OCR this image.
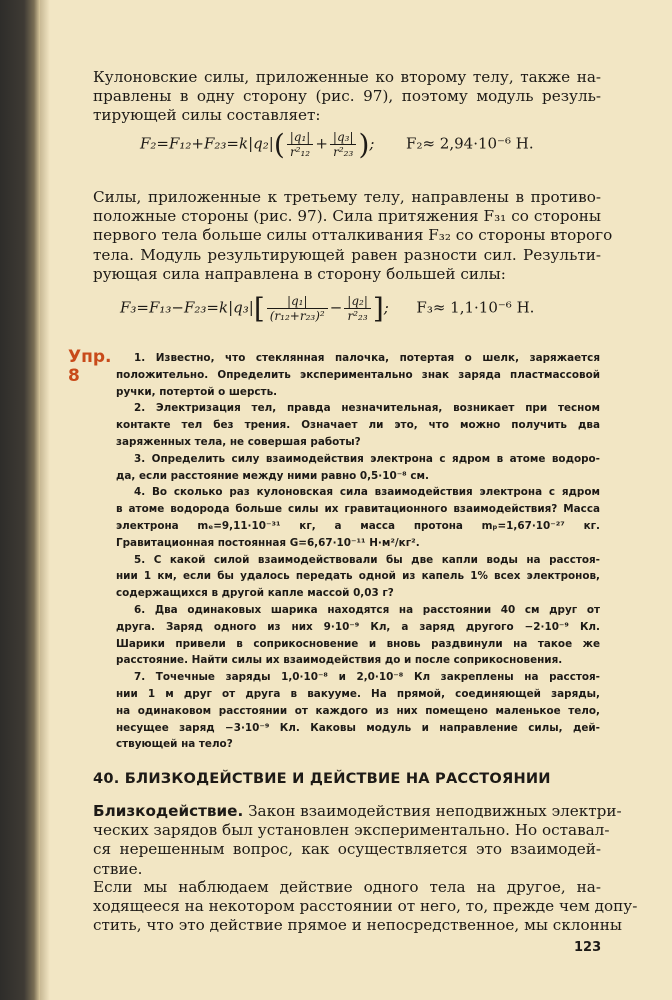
Кулоновские силы, приложенные ко второму телу, также на-
правлены в одну сторону (рис. 97), поэтому модуль резуль-
тирующей силы составляет:
$F_2=F_{12}+F_{23}=k|q_2|( \frac{\text{|q₁|}}{\text{r²₁₂}} + \frac{\text{|q₃|}}{\text{r²₂₃}}$ ); F₂≈ 2,94·10⁻⁶ Н.
Силы, приложенные к третьему телу, направлены в противо-
положные стороны (рис. 97). Сила притяжения F₃₁ со стороны
первого тела больше силы отталкивания F₃₂ со стороны второго
тела. Модуль результирующей равен разности сил. Результи-
рующая сила направлена в сторону большей силы:
$F_3=F_{13}-F_{23}=k|q_3|[ \frac{\text{|q₁|}}{\text{(r₁₂+r₂₃)²}} - \frac{\text{|q₂|}}{\text{r²₂₃}}$ ]; F₃≈ 1,1·10⁻⁶ Н.
Упр.
8
1. Известно, что стеклянная палочка, потертая о шелк, заряжается
положительно. Определить экспериментально знак заряда пластмассовой
ручки, потертой о шерсть.
2. Электризация тел, правда незначительная, возникает при тесном
контакте тел без трения. Означает ли это, что можно получить два
заряженных тела, не совершая работы?
3. Определить силу взаимодействия электрона с ядром в атоме водоро-
да, если расстояние между ними равно 0,5·10⁻⁸ см.
4. Во сколько раз кулоновская сила взаимодействия электрона с ядром
в атоме водорода больше силы их гравитационного взаимодействия? Масса
электрона mₑ=9,11·10⁻³¹ кг, а масса протона mₚ=1,67·10⁻²⁷ кг.
Гравитационная постоянная G=6,67·10⁻¹¹ Н·м²/кг².
5. С какой силой взаимодействовали бы две капли воды на расстоя-
нии 1 км, если бы удалось передать одной из капель 1% всех электронов,
содержащихся в другой капле массой 0,03 г?
6. Два одинаковых шарика находятся на расстоянии 40 см друг от
друга. Заряд одного из них 9·10⁻⁹ Кл, а заряд другого −2·10⁻⁹ Кл.
Шарики привели в соприкосновение и вновь раздвинули на такое же
расстояние. Найти силы их взаимодействия до и после соприкосновения.
7. Точечные заряды 1,0·10⁻⁸ и 2,0·10⁻⁸ Кл закреплены на расстоя-
нии 1 м друг от друга в вакууме. На прямой, соединяющей заряды,
на одинаковом расстоянии от каждого из них помещено маленькое тело,
несущее заряд −3·10⁻⁹ Кл. Каковы модуль и направление силы, дей-
ствующей на тело?
40. БЛИЗКОДЕЙСТВИЕ И ДЕЙСТВИЕ НА РАССТОЯНИИ
Близкодействие. Закон взаимодействия неподвижных электри-
ческих зарядов был установлен экспериментально. Но оставал-
ся нерешенным вопрос, как осуществляется это взаимодей-
ствие.
Если мы наблюдаем действие одного тела на другое, на-
ходящееся на некотором расстоянии от него, то, прежде чем допу-
стить, что это действие прямое и непосредственное, мы склонны
123
